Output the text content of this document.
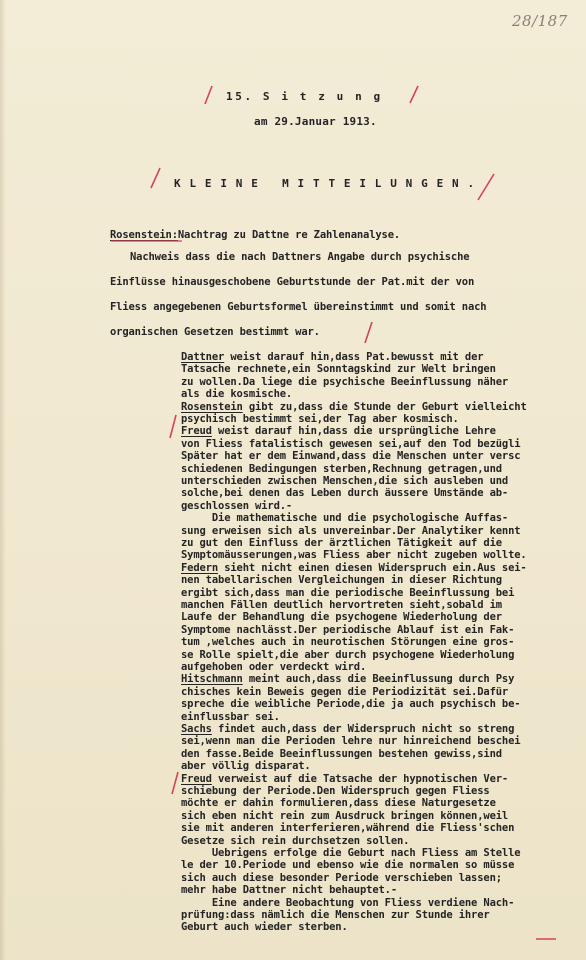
28/187
15. S i t z u n g
am 29.Januar 1913.
K L E I N E   M I T T E I L U N G E N .
Rosenstein:Nachtrag zu Dattne re Zahlenanalyse.
Nachweis dass die nach Dattners Angabe durch psychische
Einflüsse hinausgeschobene Geburtstunde der Pat.mit der von
Fliess angegebenen Geburtsformel übereinstimmt und somit nach
organischen Gesetzen bestimmt war.
Dattner weist darauf hin,dass Pat.bewusst mit der
Tatsache rechnete,ein Sonntagskind zur Welt bringen
zu wollen.Da liege die psychische Beeinflussung näher
als die kosmische.
Rosenstein gibt zu,dass die Stunde der Geburt vielleicht
psychisch bestimmt sei,der Tag aber kosmisch.
Freud weist darauf hin,dass die ursprüngliche Lehre
von Fliess fatalistisch gewesen sei,auf den Tod bezügli
Später hat er dem Einwand,dass die Menschen unter versc
schiedenen Bedingungen sterben,Rechnung getragen,und
unterschieden zwischen Menschen,die sich ausleben und
solche,bei denen das Leben durch äussere Umstände ab-
geschlossen wird.-
Die mathematische und die psychologische Auffas-
sung erweisen sich als unvereinbar.Der Analytiker kennt
zu gut den Einfluss der ärztlichen Tätigkeit auf die
Symptomäusserungen,was Fliess aber nicht zugeben wollte.
Federn sieht nicht einen diesen Widerspruch ein.Aus sei-
nen tabellarischen Vergleichungen in dieser Richtung
ergibt sich,dass man die periodische Beeinflussung bei
manchen Fällen deutlich hervortreten sieht,sobald im
Laufe der Behandlung die psychogene Wiederholung der
Symptome nachlässt.Der periodische Ablauf ist ein Fak-
tum ,welches auch in neurotischen Störungen eine gros-
se Rolle spielt,die aber durch psychogene Wiederholung
aufgehoben oder verdeckt wird.
Hitschmann meint auch,dass die Beeinflussung durch Psy
chisches kein Beweis gegen die Periodizität sei.Dafür
spreche die weibliche Periode,die ja auch psychisch be-
einflussbar sei.
Sachs findet auch,dass der Widerspruch nicht so streng
sei,wenn man die Perioden lehre nur hinreichend beschei
den fasse.Beide Beeinflussungen bestehen gewiss,sind
aber völlig disparat.
Freud verweist auf die Tatsache der hypnotischen Ver-
schiebung der Periode.Den Widerspruch gegen Fliess
möchte er dahin formulieren,dass diese Naturgesetze
sich eben nicht rein zum Ausdruck bringen können,weil
sie mit anderen interferieren,während die Fliess'schen
Gesetze sich rein durchsetzen sollen.
Uebrigens erfolge die Geburt nach Fliess am Stelle
le der 10.Periode und ebenso wie die normalen so müsse
sich auch diese besonder Periode verschieben lassen;
mehr habe Dattner nicht behauptet.-
Eine andere Beobachtung von Fliess verdiene Nach-
prüfung:dass nämlich die Menschen zur Stunde ihrer
Geburt auch wieder sterben.
